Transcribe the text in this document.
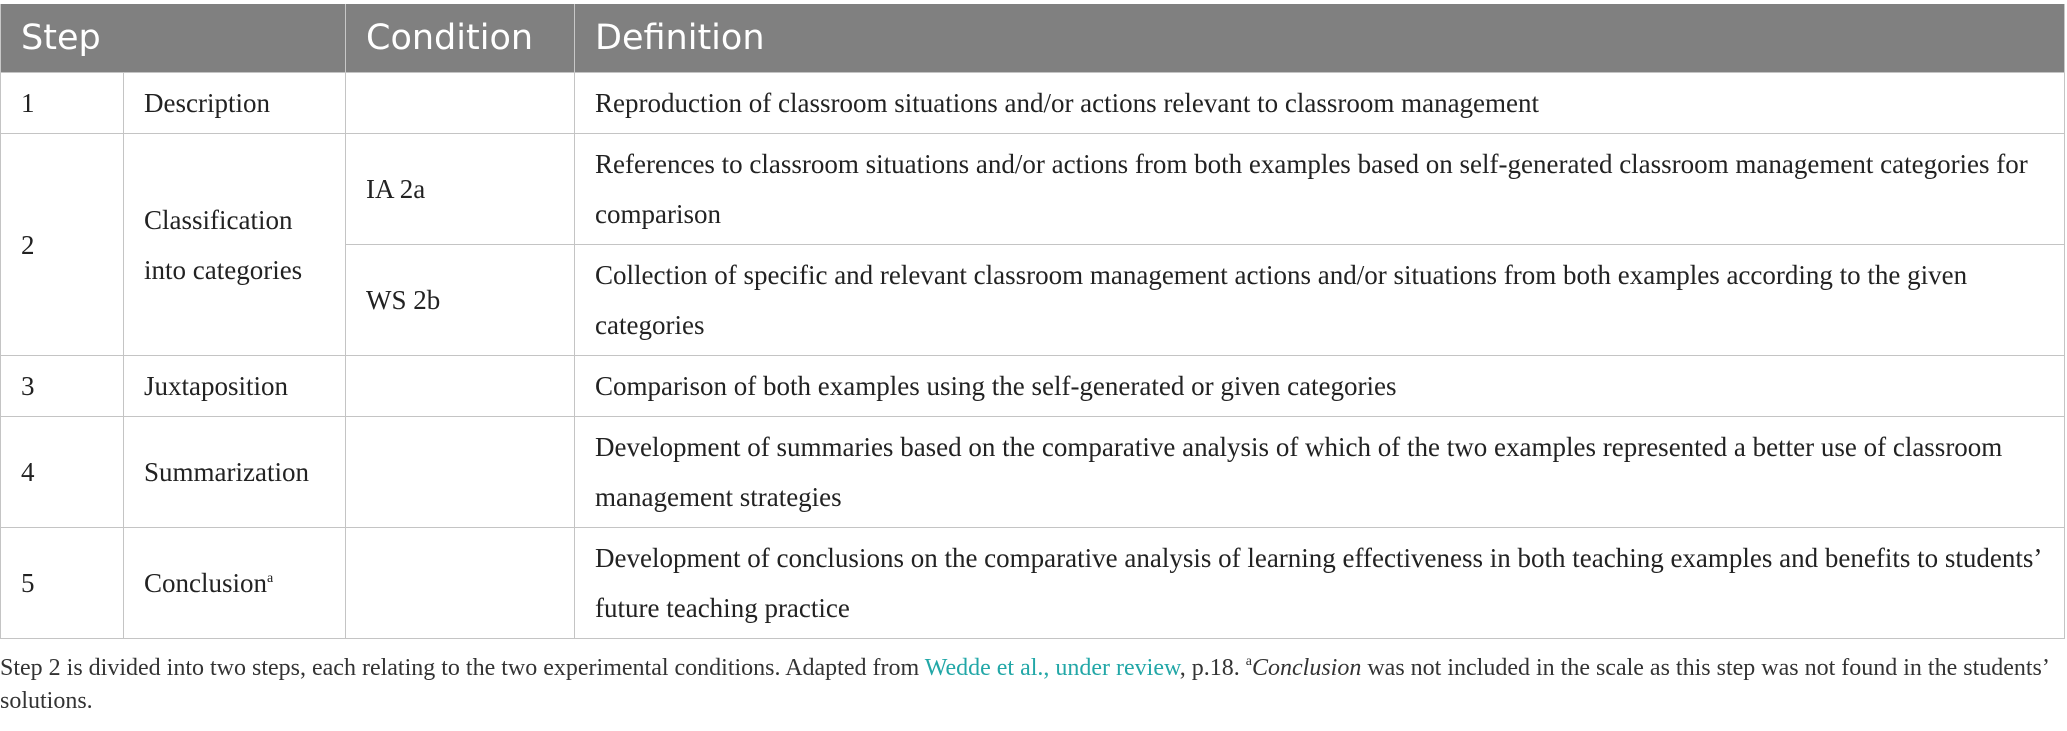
Step		Condition	Definition
1	Description		Reproduction of classroom situations and/or actions relevant to classroom management
2	Classification into categories	IA 2a	References to classroom situations and/or actions from both examples based on self-generated classroom management categories for comparison
		WS 2b	Collection of specific and relevant classroom management actions and/or situations from both examples according to the given categories
3	Juxtaposition		Comparison of both examples using the self-generated or given categories
4	Summarization		Development of summaries based on the comparative analysis of which of the two examples represented a better use of classroom management strategies
5	Conclusion$^a$		Development of conclusions on the comparative analysis of learning effectiveness in both teaching examples and benefits to students’ future teaching practice
Step 2 is divided into two steps, each relating to the two experimental conditions. Adapted from Wedde et al., under review, p.18. $^a$Conclusion was not included in the scale as this step was not found in the students’ solutions.
